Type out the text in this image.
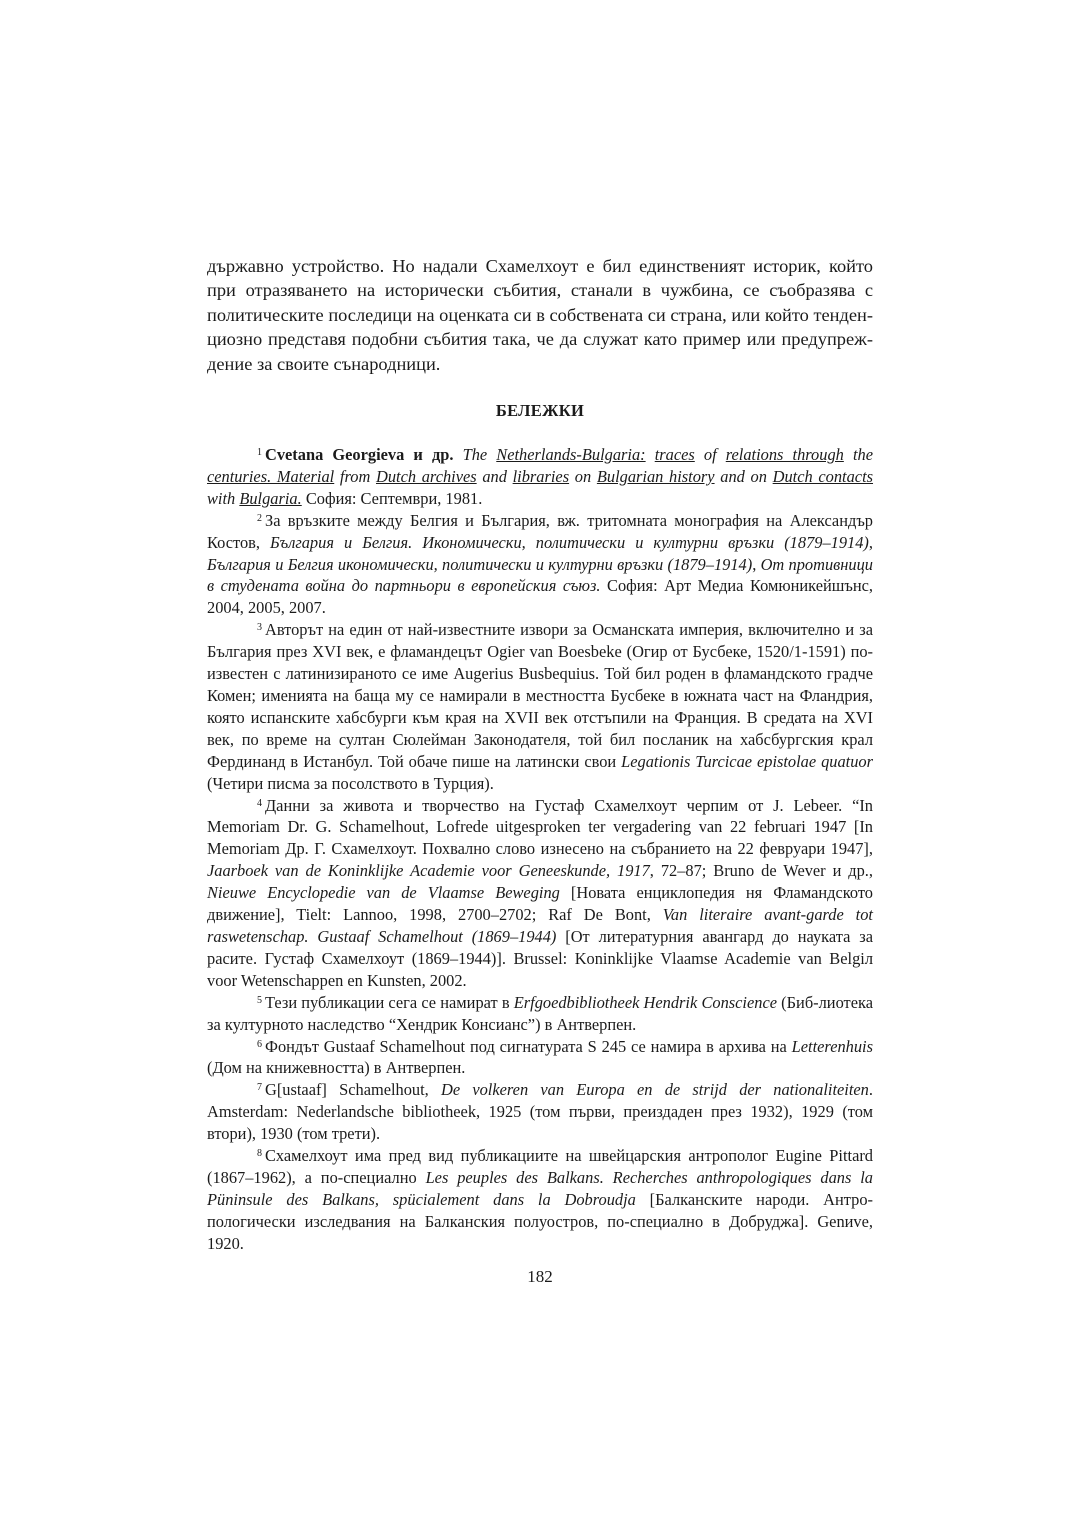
държавно устройство. Но надали Схамелхоут е бил единственият историк, който при отразяването на исторически събития, станали в чужбина, се съобразява с политическите последици на оценката си в собствената си страна, или който тенден-циозно представя подобни събития така, че да служат като пример или предупреж-дение за своите сънародници.

БЕЛЕЖКИ

$^1$ Cvetana Georgieva и др. The Netherlands-Bulgaria: traces of relations through the centuries. Material from Dutch archives and libraries on Bulgarian history and on Dutch contacts with Bulgaria. София: Септември, 1981.

$^2$ За връзките между Белгия и България, вж. тритомната монография на Александър Костов, България и Белгия. Икономически, политически и културни връзки (1879–1914), България и Белгия икономически, политически и културни връзки (1879–1914), От противници в студената война до партньори в европейския съюз. София: Арт Медиа Комюникейшънс, 2004, 2005, 2007.

$^3$ Авторът на един от най-известните извори за Османската империя, включително и за България през XVI век, е фламандецът Ogier van Boesbeke (Огир от Бусбеке, 1520/1-1591) по-известен с латинизираното се име Augerius Busbequius. Той бил роден в фламандското градче Комен; имениятa на баща му се намирали в местността Бусбеке в южната част на Фландрия, която испанските хабсбурги към края на XVII век отстъпили на Франция. В средата на XVI век, по време на султан Сюлейман Законодателя, той бил посланик на хабсбургския крал Фердинанд в Истанбул. Той обаче пише на латински свои Legationis Turcicae epistolae quatuor (Четири писма за посолството в Турция).

$^4$ Данни за живота и творчество на Густаф Схамелхоут черпим от J. Lebeer. “In Memoriam Dr. G. Schamelhout, Lofrede uitgesproken ter vergadering van 22 februari 1947 [In Memoriam Др. Г. Схамелхоут. Похвално слово изнесено на събранието на 22 февруари 1947], Jaarboek van de Koninklijke Academie voor Geneeskunde, 1917, 72–87; Bruno de Wever и др., Nieuwe Encyclopedie van de Vlaamse Beweging [Новата енциклопедия ня Фламандското движение], Tielt: Lannoo, 1998, 2700–2702; Raf De Bont, Van literaire avant-garde tot raswetenschap. Gustaaf Schamelhout (1869–1944) [От литературния авангард до науката за расите. Густаф Схамелхоут (1869–1944)]. Brussel: Koninklijke Vlaamse Academie van Belgiл voor Wetenschappen en Kunsten, 2002.

$^5$ Тези публикации сега се намират в Erfgoedbibliotheek Hendrik Conscience (Биб-лиотека за културното наследство “Хендрик Консианс”) в Антверпен.

$^6$ Фондът Gustaaf Schamelhout под сигнатурата S 245 се намира в архива на Letterenhuis (Дом на книжевността) в Антверпен.

$^7$ G[ustaaf] Schamelhout, De volkeren van Europa en de strijd der nationaliteiten. Amsterdam: Nederlandsche bibliotheek, 1925 (том първи, преиздаден през 1932), 1929 (том втори), 1930 (том трети).

$^8$ Схамелхоут има пред вид публикациите на швейцарския антрополог Eugine Pittard (1867–1962), а по-специално Les peuples des Balkans. Recherches anthropologiques dans la Püninsule des Balkans, spücialement dans la Dobroudja [Балканските народи. Антро-пологически изследвания на Балканския полуостров, по-специално в Добруджа]. Genиve, 1920.

182
